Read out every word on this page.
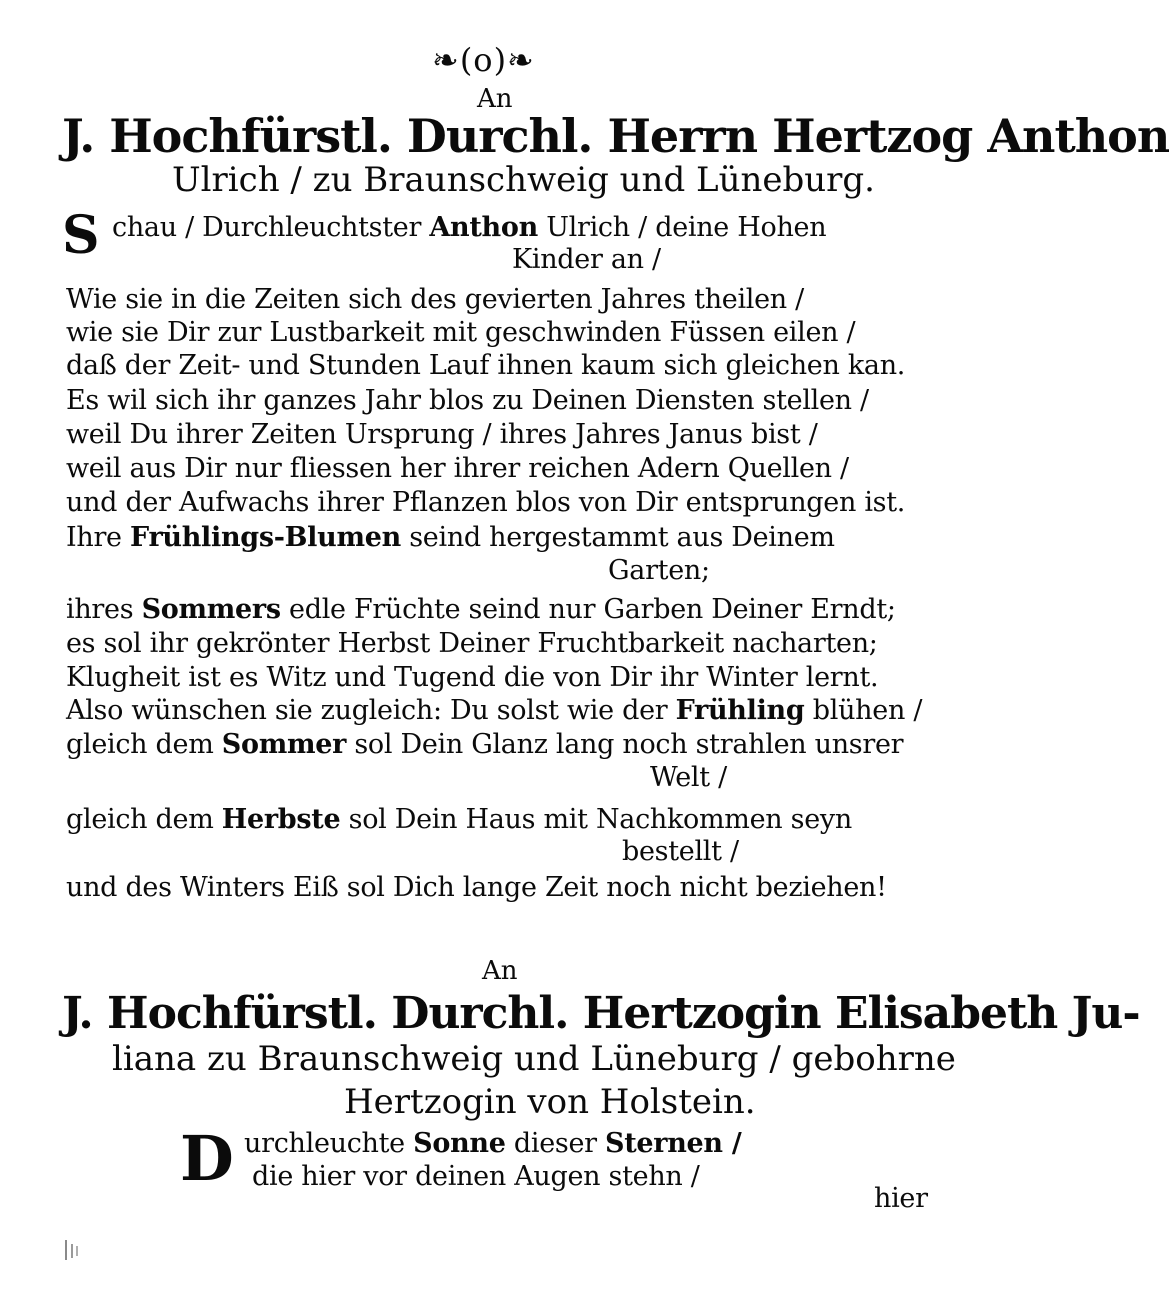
❧(o)❧
An
J. Hochfürstl. Durchl. Herrn Hertzog Anthon
Ulrich / zu Braunschweig und Lüneburg.
S chau / Durchleuchtster Anthon Ulrich / deine Hohen
Kinder an /
Wie sie in die Zeiten sich des gevierten Jahres theilen /
wie sie Dir zur Lustbarkeit mit geschwinden Füssen eilen /
daß der Zeit- und Stunden Lauf ihnen kaum sich gleichen kan.
Es wil sich ihr ganzes Jahr blos zu Deinen Diensten stellen /
weil Du ihrer Zeiten Ursprung / ihres Jahres Janus bist /
weil aus Dir nur fliessen her ihrer reichen Adern Quellen /
und der Aufwachs ihrer Pflanzen blos von Dir entsprungen ist.
Ihre Frühlings-Blumen seind hergestammt aus Deinem
Garten;
ihres Sommers edle Früchte seind nur Garben Deiner Erndt;
es sol ihr gekrönter Herbst Deiner Fruchtbarkeit nacharten;
Klugheit ist es Witz und Tugend die von Dir ihr Winter lernt.
Also wünschen sie zugleich: Du solst wie der Frühling blühen /
gleich dem Sommer sol Dein Glanz lang noch strahlen unsrer
Welt /
gleich dem Herbste sol Dein Haus mit Nachkommen seyn
bestellt /
und des Winters Eiß sol Dich lange Zeit noch nicht beziehen!
An
J. Hochfürstl. Durchl. Hertzogin Elisabeth Ju-
liana zu Braunschweig und Lüneburg / gebohrne
Hertzogin von Holstein.
D urchleuchte Sonne dieser Sternen /
die hier vor deinen Augen stehn /
hier
